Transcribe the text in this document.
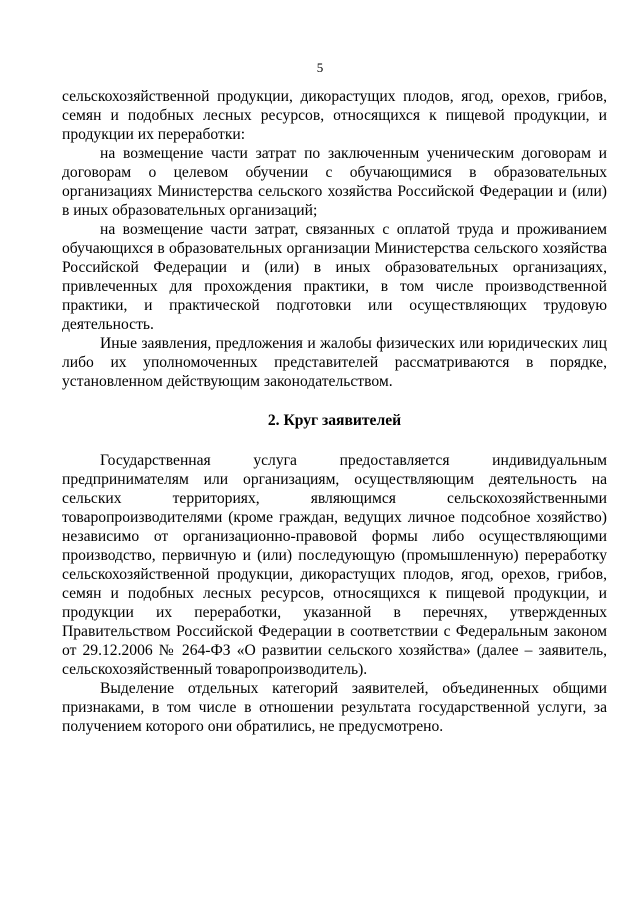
5

сельскохозяйственной продукции, дикорастущих плодов, ягод, орехов, грибов, семян и подобных лесных ресурсов, относящихся к пищевой продукции, и продукции их переработки:

на возмещение части затрат по заключенным ученическим договорам и договорам о целевом обучении с обучающимися в образовательных организациях Министерства сельского хозяйства Российской Федерации и (или) в иных образовательных организаций;

на возмещение части затрат, связанных с оплатой труда и проживанием обучающихся в образовательных организации Министерства сельского хозяйства Российской Федерации и (или) в иных образовательных организациях, привлеченных для прохождения практики, в том числе производственной практики, и практической подготовки или осуществляющих трудовую деятельность.

Иные заявления, предложения и жалобы физических или юридических лиц либо их уполномоченных представителей рассматриваются в порядке, установленном действующим законодательством.

2. Круг заявителей

Государственная услуга предоставляется индивидуальным предпринимателям или организациям, осуществляющим деятельность на сельских территориях, являющимся сельскохозяйственными товаропроизводителями (кроме граждан, ведущих личное подсобное хозяйство) независимо от организационно-правовой формы либо осуществляющими производство, первичную и (или) последующую (промышленную) переработку сельскохозяйственной продукции, дикорастущих плодов, ягод, орехов, грибов, семян и подобных лесных ресурсов, относящихся к пищевой продукции, и продукции их переработки, указанной в перечнях, утвержденных Правительством Российской Федерации в соответствии с Федеральным законом от 29.12.2006 № 264-ФЗ «О развитии сельского хозяйства» (далее – заявитель, сельскохозяйственный товаропроизводитель).

Выделение отдельных категорий заявителей, объединенных общими признаками, в том числе в отношении результата государственной услуги, за получением которого они обратились, не предусмотрено.
